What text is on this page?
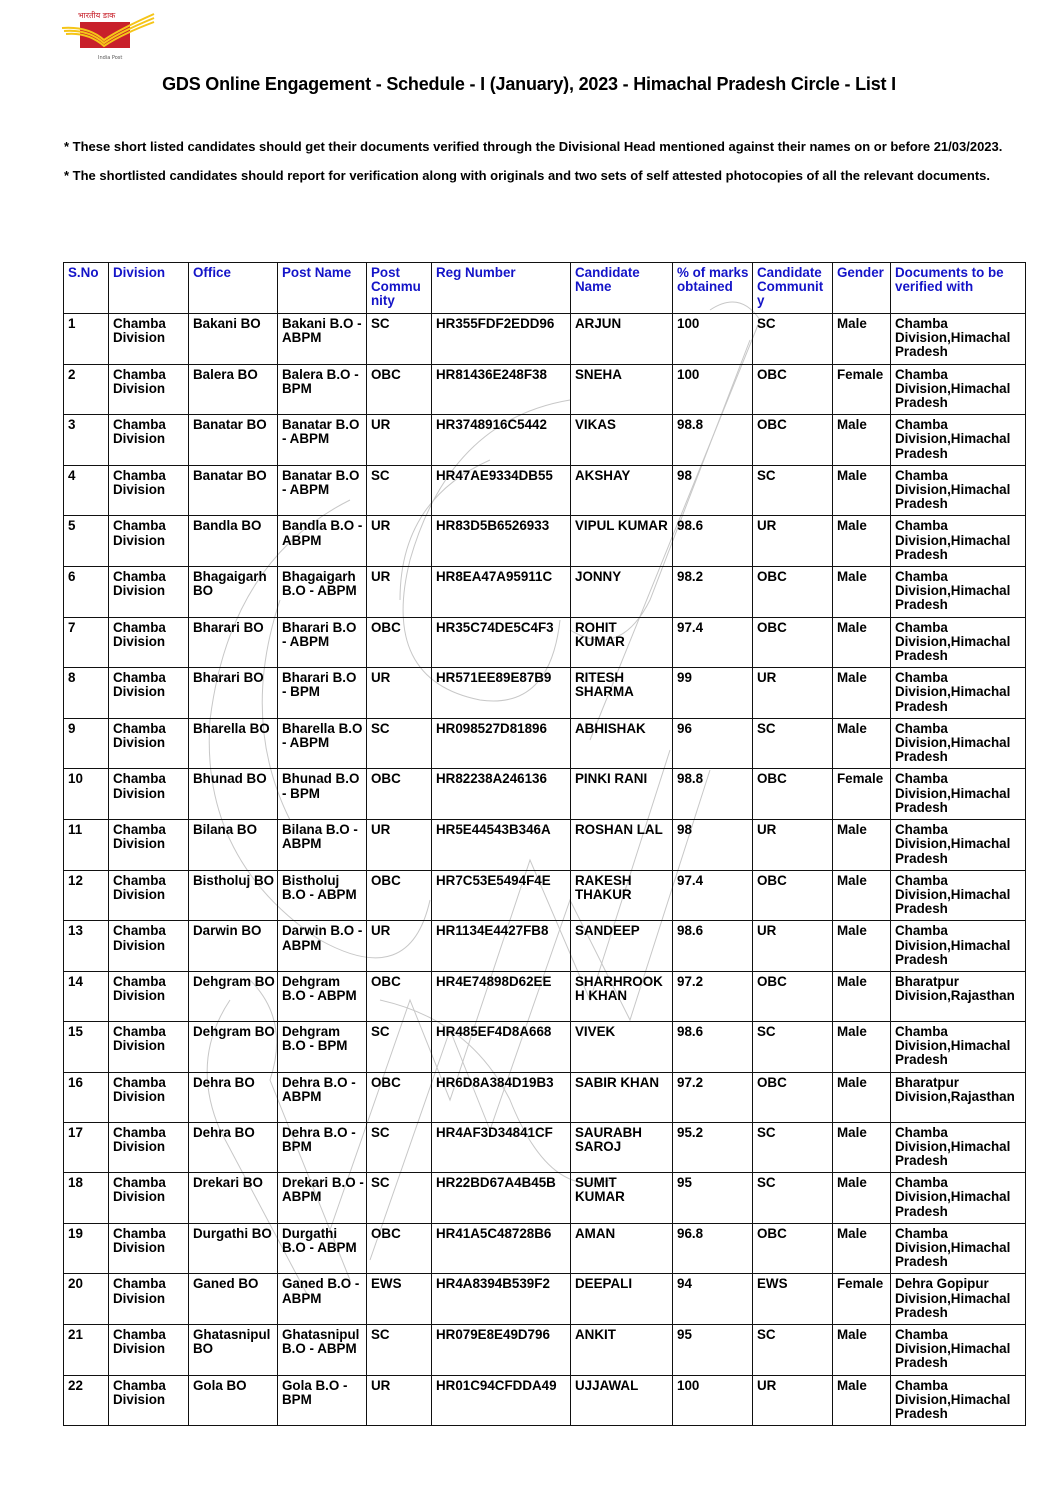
भारतीय डाक
India Post
GDS Online Engagement - Schedule - I (January), 2023 - Himachal Pradesh Circle - List I

* These short listed candidates should get their documents verified through the Divisional Head mentioned against their names on or before 21/03/2023.

* The shortlisted candidates should report for verification along with originals and two sets of self attested photocopies of all the relevant documents.

S.No	Division	Office	Post Name	Post Community	Reg Number	Candidate Name	% of marks obtained	Candidate Community	Gender	Documents to be verified with
1	Chamba Division	Bakani BO	Bakani B.O - ABPM	SC	HR355FDF2EDD96	ARJUN	100	SC	Male	Chamba Division,Himachal Pradesh
2	Chamba Division	Balera BO	Balera B.O - BPM	OBC	HR81436E248F38	SNEHA	100	OBC	Female	Chamba Division,Himachal Pradesh
3	Chamba Division	Banatar BO	Banatar B.O - ABPM	UR	HR3748916C5442	VIKAS	98.8	OBC	Male	Chamba Division,Himachal Pradesh
4	Chamba Division	Banatar BO	Banatar B.O - ABPM	SC	HR47AE9334DB55	AKSHAY	98	SC	Male	Chamba Division,Himachal Pradesh
5	Chamba Division	Bandla BO	Bandla B.O - ABPM	UR	HR83D5B6526933	VIPUL KUMAR	98.6	UR	Male	Chamba Division,Himachal Pradesh
6	Chamba Division	Bhagaigarh BO	Bhagaigarh B.O - ABPM	UR	HR8EA47A95911C	JONNY	98.2	OBC	Male	Chamba Division,Himachal Pradesh
7	Chamba Division	Bharari BO	Bharari B.O - ABPM	OBC	HR35C74DE5C4F3	ROHIT KUMAR	97.4	OBC	Male	Chamba Division,Himachal Pradesh
8	Chamba Division	Bharari BO	Bharari B.O - BPM	UR	HR571EE89E87B9	RITESH SHARMA	99	UR	Male	Chamba Division,Himachal Pradesh
9	Chamba Division	Bharella BO	Bharella B.O - ABPM	SC	HR098527D81896	ABHISHAK	96	SC	Male	Chamba Division,Himachal Pradesh
10	Chamba Division	Bhunad BO	Bhunad B.O - BPM	OBC	HR82238A246136	PINKI RANI	98.8	OBC	Female	Chamba Division,Himachal Pradesh
11	Chamba Division	Bilana BO	Bilana B.O - ABPM	UR	HR5E44543B346A	ROSHAN LAL	98	UR	Male	Chamba Division,Himachal Pradesh
12	Chamba Division	Bistholuj BO	Bistholuj B.O - ABPM	OBC	HR7C53E5494F4E	RAKESH THAKUR	97.4	OBC	Male	Chamba Division,Himachal Pradesh
13	Chamba Division	Darwin BO	Darwin B.O - ABPM	UR	HR1134E4427FB8	SANDEEP	98.6	UR	Male	Chamba Division,Himachal Pradesh
14	Chamba Division	Dehgram BO	Dehgram B.O - ABPM	OBC	HR4E74898D62EE	SHARHROOKH KHAN	97.2	OBC	Male	Bharatpur Division,Rajasthan
15	Chamba Division	Dehgram BO	Dehgram B.O - BPM	SC	HR485EF4D8A668	VIVEK	98.6	SC	Male	Chamba Division,Himachal Pradesh
16	Chamba Division	Dehra BO	Dehra B.O - ABPM	OBC	HR6D8A384D19B3	SABIR KHAN	97.2	OBC	Male	Bharatpur Division,Rajasthan
17	Chamba Division	Dehra BO	Dehra B.O - BPM	SC	HR4AF3D34841CF	SAURABH SAROJ	95.2	SC	Male	Chamba Division,Himachal Pradesh
18	Chamba Division	Drekari BO	Drekari B.O - ABPM	SC	HR22BD67A4B45B	SUMIT KUMAR	95	SC	Male	Chamba Division,Himachal Pradesh
19	Chamba Division	Durgathi BO	Durgathi B.O - ABPM	OBC	HR41A5C48728B6	AMAN	96.8	OBC	Male	Chamba Division,Himachal Pradesh
20	Chamba Division	Ganed BO	Ganed B.O - ABPM	EWS	HR4A8394B539F2	DEEPALI	94	EWS	Female	Dehra Gopipur Division,Himachal Pradesh
21	Chamba Division	Ghatasnipul BO	Ghatasnipul B.O - ABPM	SC	HR079E8E49D796	ANKIT	95	SC	Male	Chamba Division,Himachal Pradesh
22	Chamba Division	Gola BO	Gola B.O - BPM	UR	HR01C94CFDDA49	UJJAWAL	100	UR	Male	Chamba Division,Himachal Pradesh
